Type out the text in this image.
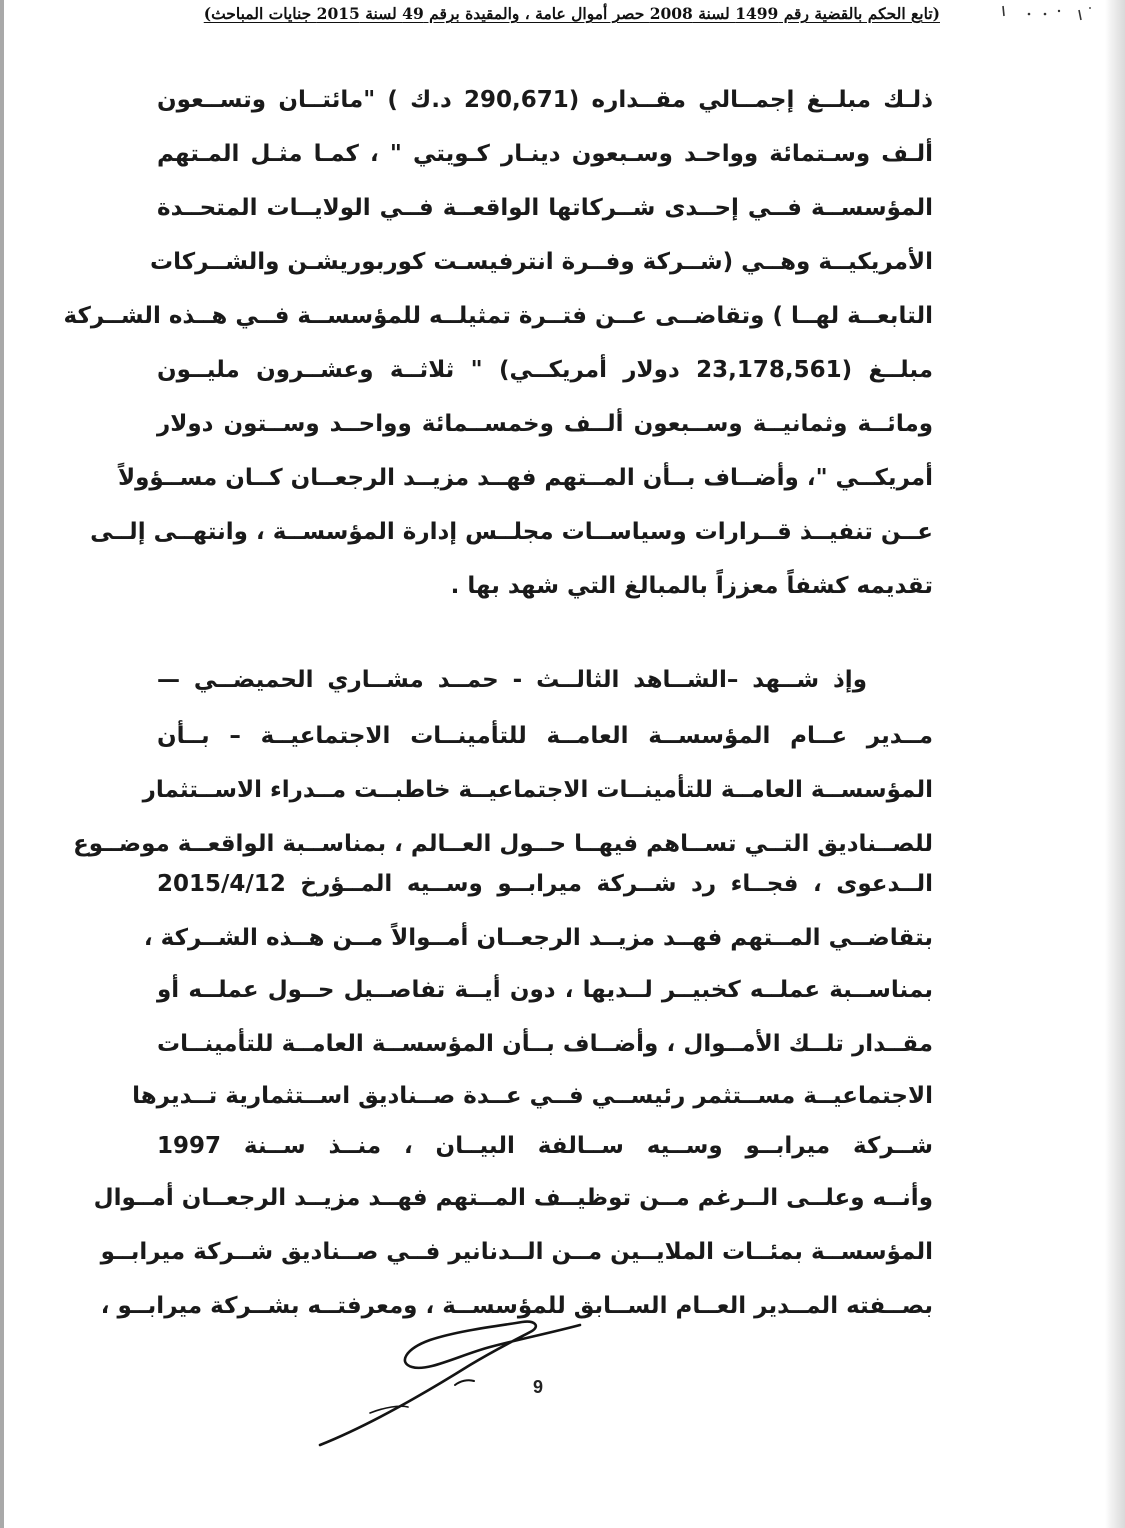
(تابع الحكم بالقضية رقم 1499 لسنة 2008 حصر أموال عامة ، والمقيدة برقم 49 لسنة 2015 جنايات المباحث)
ذلـك مبلــغ إجمــالي مقــداره (290,671 د.ك ) "مائتــان وتســعون
ألـف وسـتمائة وواحـد وسـبعون دينـار كـويتي " ، كمـا مثـل المـتهم
المؤسســة فــي إحــدى شــركاتها الواقعــة فــي الولايــات المتحــدة
الأمريكيــة وهــي (شــركة وفــرة انترفيسـت كوربوريشـن والشــركات
التابعــة لهــا ) وتقاضــى عــن فتــرة تمثيلــه للمؤسســة فــي هــذه الشــركة
مبلــغ (23,178,561 دولار أمريكــي) " ثلاثــة وعشــرون مليــون
ومائــة وثمانيــة وســبعون ألــف وخمســمائة وواحــد وســتون دولار
أمريكــي "، وأضــاف بــأن المــتهم فهــد مزيــد الرجعــان كــان مســؤولاً
عــن تنفيــذ قــرارات وسياســات مجلــس إدارة المؤسســة ، وانتهــى إلــى
تقديمه كشفاً معززاً بالمبالغ التي شهد بها .
وإذ شــهد –الشــاهد الثالــث - حمــد مشــاري الحميضــي —
مــدير عــام المؤسســة العامــة للتأمينــات الاجتماعيــة – بــأن
المؤسســة العامــة للتأمينــات الاجتماعيــة خاطبــت مــدراء الاســتثمار
للصــناديق التــي تســاهم فيهــا حــول العــالم ، بمناســبة الواقعــة موضــوع
الــدعوى ، فجــاء رد شــركة ميرابــو وســيه المــؤرخ 2015/4/12
بتقاضــي المــتهم فهــد مزيــد الرجعــان أمــوالاً مــن هــذه الشــركة ،
بمناســبة عملــه كخبيــر لــديها ، دون أيــة تفاصــيل حــول عملــه أو
مقــدار تلــك الأمــوال ، وأضــاف بــأن المؤسســة العامــة للتأمينــات
الاجتماعيــة مســتثمر رئيســي فــي عــدة صــناديق اســتثمارية تــديرها
شــركة ميرابــو وســيه ســالفة البيــان ، منــذ ســنة 1997
وأنــه وعلــى الــرغم مــن توظيــف المــتهم فهــد مزيــد الرجعــان أمــوال
المؤسســة بمئــات الملايــين مــن الــدنانير فــي صــناديق شــركة ميرابــو
بصــفته المــدير العــام الســابق للمؤسســة ، ومعرفتــه بشــركة ميرابــو ،
9
